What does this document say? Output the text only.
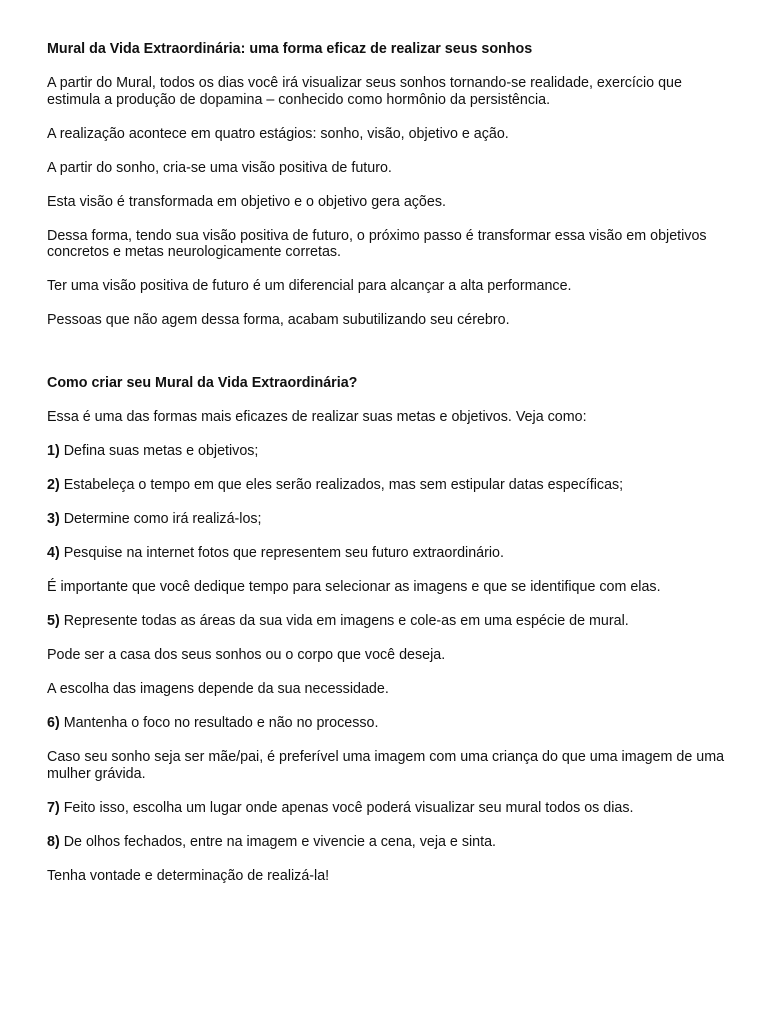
Mural da Vida Extraordinária: uma forma eficaz de realizar seus sonhos

A partir do Mural, todos os dias você irá visualizar seus sonhos tornando-se realidade, exercício que estimula a produção de dopamina – conhecido como hormônio da persistência.

A realização acontece em quatro estágios: sonho, visão, objetivo e ação.

A partir do sonho, cria-se uma visão positiva de futuro.

Esta visão é transformada em objetivo e o objetivo gera ações.

Dessa forma, tendo sua visão positiva de futuro, o próximo passo é transformar essa visão em objetivos concretos e metas neurologicamente corretas.

Ter uma visão positiva de futuro é um diferencial para alcançar a alta performance.

Pessoas que não agem dessa forma, acabam subutilizando seu cérebro.

Como criar seu Mural da Vida Extraordinária?

Essa é uma das formas mais eficazes de realizar suas metas e objetivos. Veja como:

1) Defina suas metas e objetivos;

2) Estabeleça o tempo em que eles serão realizados, mas sem estipular datas específicas;

3) Determine como irá realizá-los;

4) Pesquise na internet fotos que representem seu futuro extraordinário.

É importante que você dedique tempo para selecionar as imagens e que se identifique com elas.

5) Represente todas as áreas da sua vida em imagens e cole-as em uma espécie de mural.

Pode ser a casa dos seus sonhos ou o corpo que você deseja.

A escolha das imagens depende da sua necessidade.

6) Mantenha o foco no resultado e não no processo.

Caso seu sonho seja ser mãe/pai, é preferível uma imagem com uma criança do que uma imagem de uma mulher grávida.

7) Feito isso, escolha um lugar onde apenas você poderá visualizar seu mural todos os dias.

8) De olhos fechados, entre na imagem e vivencie a cena, veja e sinta.

Tenha vontade e determinação de realizá-la!
